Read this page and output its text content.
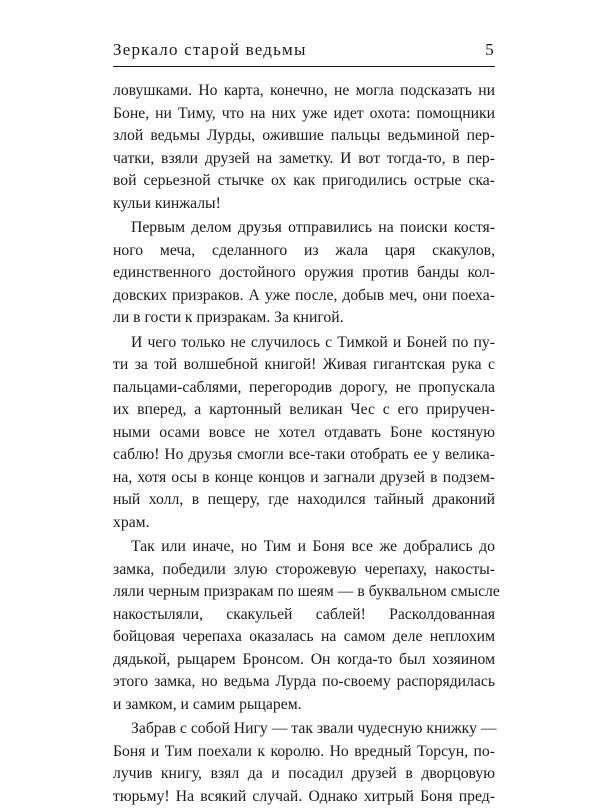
Зеркало старой ведьмы	5
ловушками. Но карта, конечно, не могла подсказать ни
Боне, ни Тиму, что на них уже идет охота: помощники
злой ведьмы Лурды, ожившие пальцы ведьминой пер-
чатки, взяли друзей на заметку. И вот тогда-то, в пер-
вой серьезной стычке ох как пригодились острые ска-
кульи кинжалы!
Первым делом друзья отправились на поиски костя-
ного меча, сделанного из жала царя скакулов,
единственного достойного оружия против банды кол-
довских призраков. А уже после, добыв меч, они поеха-
ли в гости к призракам. За книгой.
И чего только не случилось с Тимкой и Боней по пу-
ти за той волшебной книгой! Живая гигантская рука с
пальцами-саблями, перегородив дорогу, не пропускала
их вперед, а картонный великан Чес с его приручен-
ными осами вовсе не хотел отдавать Боне костяную
саблю! Но друзья смогли все-таки отобрать ее у велика-
на, хотя осы в конце концов и загнали друзей в подзем-
ный холл, в пещеру, где находился тайный драконий
храм.
Так или иначе, но Тим и Боня все же добрались до
замка, победили злую сторожевую черепаху, накосты-
ляли черным призракам по шеям — в буквальном смысле
накостыляли, скакульей саблей! Расколдованная
бойцовая черепаха оказалась на самом деле неплохим
дядькой, рыцарем Бронсом. Он когда-то был хозяином
этого замка, но ведьма Лурда по-своему распорядилась
и замком, и самим рыцарем.
Забрав с собой Нигу — так звали чудесную книжку —
Боня и Тим поехали к королю. Но вредный Торсун, по-
лучив книгу, взял да и посадил друзей в дворцовую
тюрьму! На всякий случай. Однако хитрый Боня пред-
